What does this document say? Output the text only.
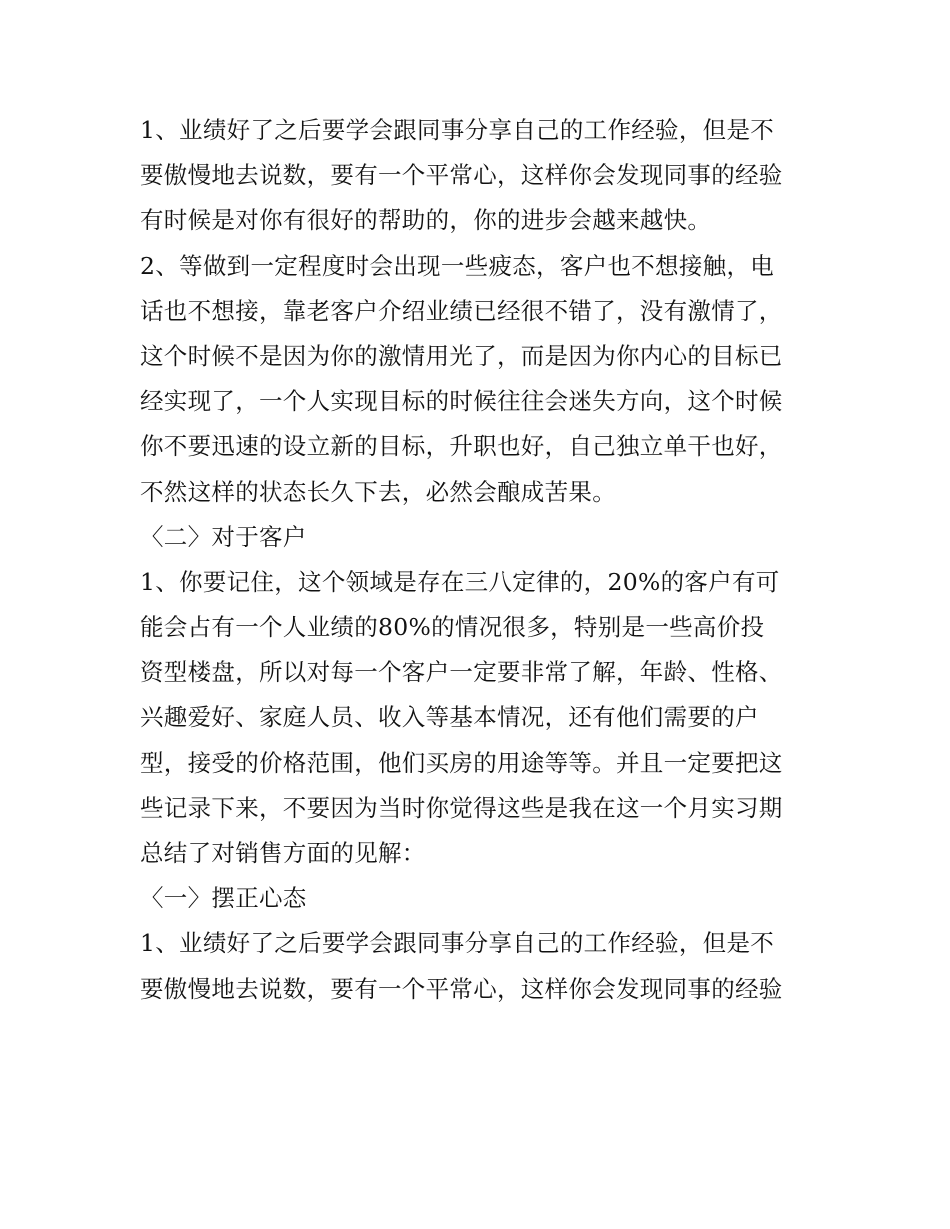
1、业绩好了之后要学会跟同事分享自己的工作经验，但是不
要傲慢地去说数，要有一个平常心，这样你会发现同事的经验
有时候是对你有很好的帮助的，你的进步会越来越快。
2、等做到一定程度时会出现一些疲态，客户也不想接触，电
话也不想接，靠老客户介绍业绩已经很不错了，没有激情了，
这个时候不是因为你的激情用光了，而是因为你内心的目标已
经实现了，一个人实现目标的时候往往会迷失方向，这个时候
你不要迅速的设立新的目标，升职也好，自己独立单干也好，
不然这样的状态长久下去，必然会酿成苦果。
〈二〉对于客户
1、你要记住，这个领域是存在三八定律的，20%的客户有可
能会占有一个人业绩的80%的情况很多，特别是一些高价投
资型楼盘，所以对每一个客户一定要非常了解，年龄、性格、
兴趣爱好、家庭人员、收入等基本情况，还有他们需要的户
型，接受的价格范围，他们买房的用途等等。并且一定要把这
些记录下来，不要因为当时你觉得这些是我在这一个月实习期
总结了对销售方面的见解：
〈一〉摆正心态
1、业绩好了之后要学会跟同事分享自己的工作经验，但是不
要傲慢地去说数，要有一个平常心，这样你会发现同事的经验
